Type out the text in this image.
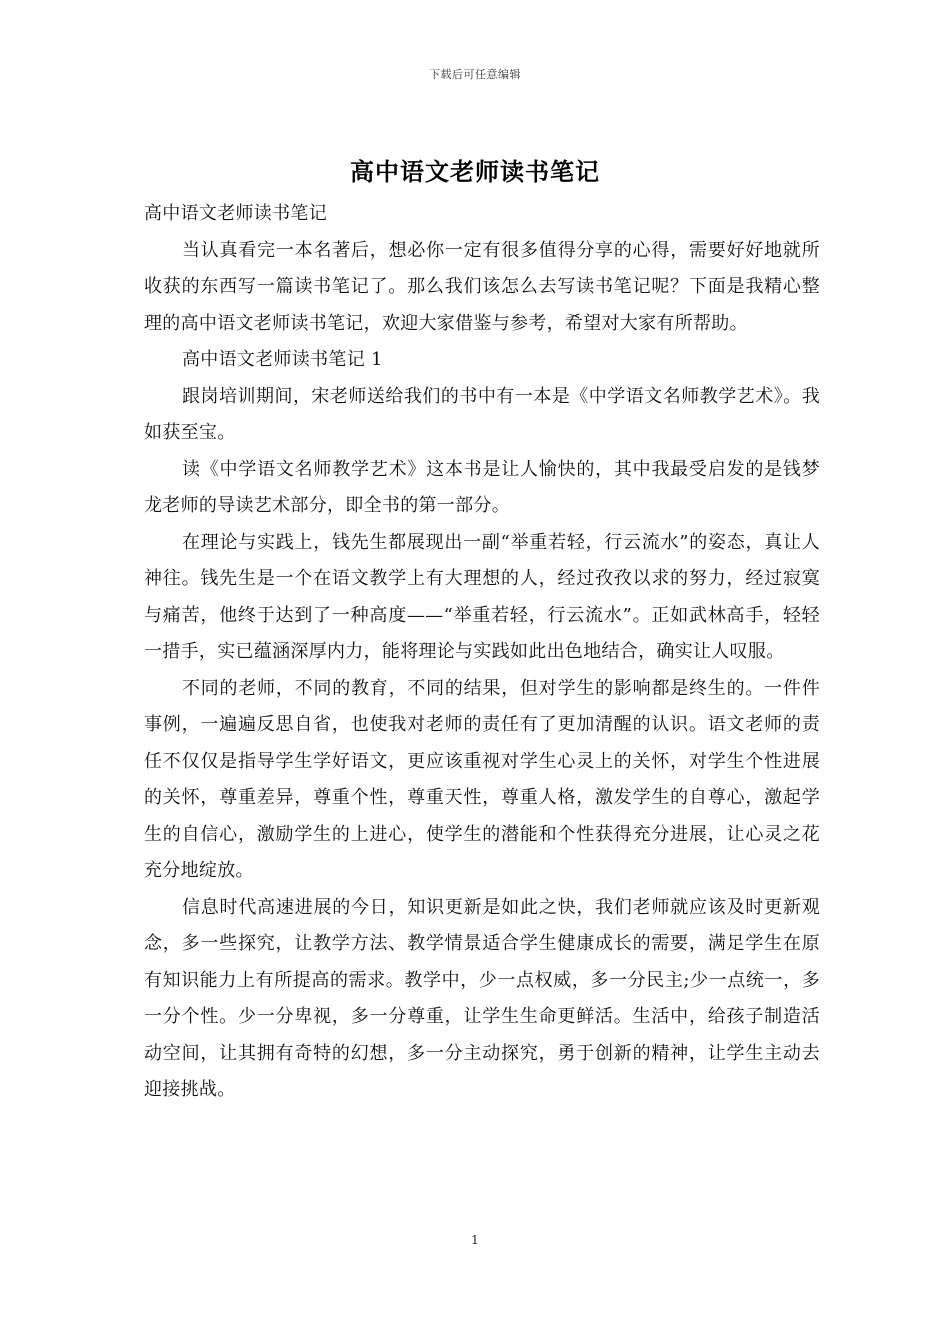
下载后可任意编辑
高中语文老师读书笔记

高中语文老师读书笔记

当认真看完一本名著后，想必你一定有很多值得分享的心得，需要好好地就所收获的东西写一篇读书笔记了。那么我们该怎么去写读书笔记呢？下面是我精心整理的高中语文老师读书笔记，欢迎大家借鉴与参考，希望对大家有所帮助。

高中语文老师读书笔记 1

跟岗培训期间，宋老师送给我们的书中有一本是《中学语文名师教学艺术》。我如获至宝。

读《中学语文名师教学艺术》这本书是让人愉快的，其中我最受启发的是钱梦龙老师的导读艺术部分，即全书的第一部分。

在理论与实践上，钱先生都展现出一副“举重若轻，行云流水”的姿态，真让人神往。钱先生是一个在语文教学上有大理想的人，经过孜孜以求的努力，经过寂寞与痛苦，他终于达到了一种高度——“举重若轻，行云流水”。正如武林高手，轻轻一措手，实已蕴涵深厚内力，能将理论与实践如此出色地结合，确实让人叹服。

不同的老师，不同的教育，不同的结果，但对学生的影响都是终生的。一件件事例，一遍遍反思自省，也使我对老师的责任有了更加清醒的认识。语文老师的责任不仅仅是指导学生学好语文，更应该重视对学生心灵上的关怀，对学生个性进展的关怀，尊重差异，尊重个性，尊重天性，尊重人格，激发学生的自尊心，激起学生的自信心，激励学生的上进心，使学生的潜能和个性获得充分进展，让心灵之花充分地绽放。

信息时代高速进展的今日，知识更新是如此之快，我们老师就应该及时更新观念，多一些探究，让教学方法、教学情景适合学生健康成长的需要，满足学生在原有知识能力上有所提高的需求。教学中，少一点权威，多一分民主;少一点统一，多一分个性。少一分卑视，多一分尊重，让学生生命更鲜活。生活中，给孩子制造活动空间，让其拥有奇特的幻想，多一分主动探究，勇于创新的精神，让学生主动去迎接挑战。

1
